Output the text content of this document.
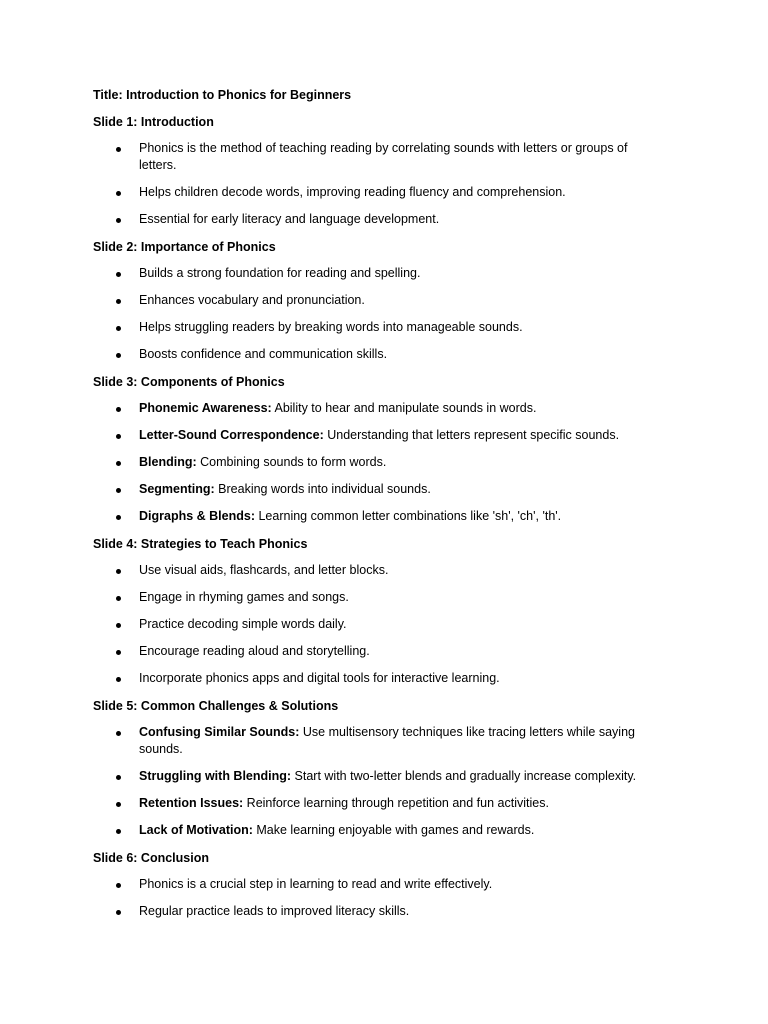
Title: Introduction to Phonics for Beginners
Slide 1: Introduction
Phonics is the method of teaching reading by correlating sounds with letters or groups of letters.
Helps children decode words, improving reading fluency and comprehension.
Essential for early literacy and language development.
Slide 2: Importance of Phonics
Builds a strong foundation for reading and spelling.
Enhances vocabulary and pronunciation.
Helps struggling readers by breaking words into manageable sounds.
Boosts confidence and communication skills.
Slide 3: Components of Phonics
Phonemic Awareness: Ability to hear and manipulate sounds in words.
Letter-Sound Correspondence: Understanding that letters represent specific sounds.
Blending: Combining sounds to form words.
Segmenting: Breaking words into individual sounds.
Digraphs & Blends: Learning common letter combinations like 'sh', 'ch', 'th'.
Slide 4: Strategies to Teach Phonics
Use visual aids, flashcards, and letter blocks.
Engage in rhyming games and songs.
Practice decoding simple words daily.
Encourage reading aloud and storytelling.
Incorporate phonics apps and digital tools for interactive learning.
Slide 5: Common Challenges & Solutions
Confusing Similar Sounds: Use multisensory techniques like tracing letters while saying sounds.
Struggling with Blending: Start with two-letter blends and gradually increase complexity.
Retention Issues: Reinforce learning through repetition and fun activities.
Lack of Motivation: Make learning enjoyable with games and rewards.
Slide 6: Conclusion
Phonics is a crucial step in learning to read and write effectively.
Regular practice leads to improved literacy skills.
